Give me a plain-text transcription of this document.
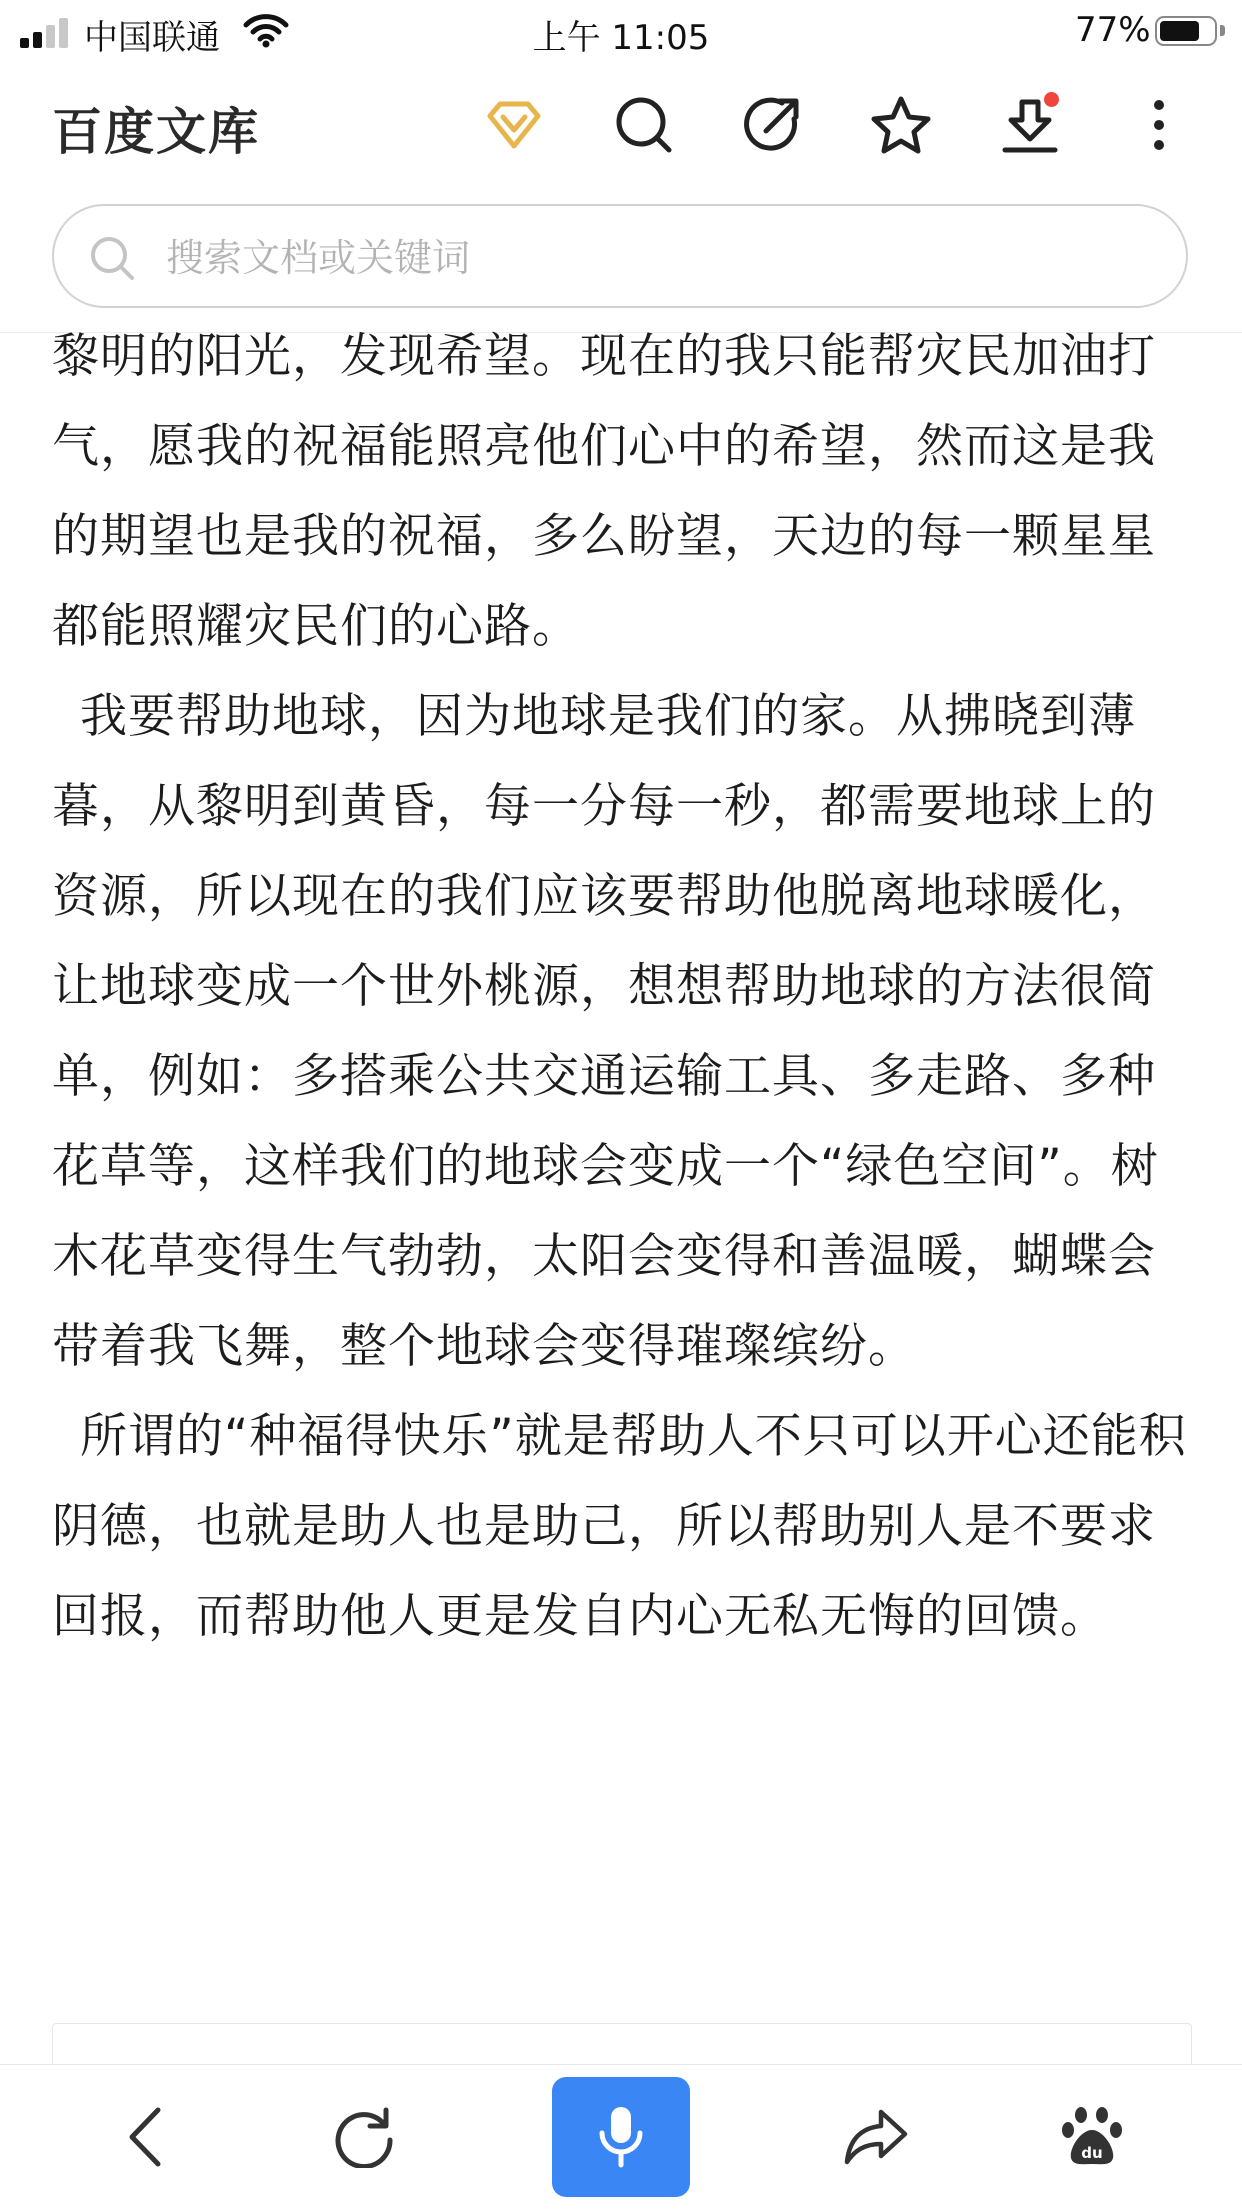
中国联通	上午 11:05	77%
百度文库
搜索文档或关键词

黎明的阳光，发现希望。现在的我只能帮灾民加油打气，愿我的祝福能照亮他们心中的希望，然而这是我的期望也是我的祝福，多么盼望，天边的每一颗星星都能照耀灾民们的心路。

我要帮助地球，因为地球是我们的家。从拂晓到薄暮，从黎明到黄昏，每一分每一秒，都需要地球上的资源，所以现在的我们应该要帮助他脱离地球暖化，让地球变成一个世外桃源，想想帮助地球的方法很简单，例如：多搭乘公共交通运输工具、多走路、多种花草等，这样我们的地球会变成一个“绿色空间”。树木花草变得生气勃勃，太阳会变得和善温暖，蝴蝶会带着我飞舞，整个地球会变得璀璨缤纷。

所谓的“种福得快乐”就是帮助人不只可以开心还能积阴德，也就是助人也是助己，所以帮助别人是不要求回报，而帮助他人更是发自内心无私无悔的回馈。

du
